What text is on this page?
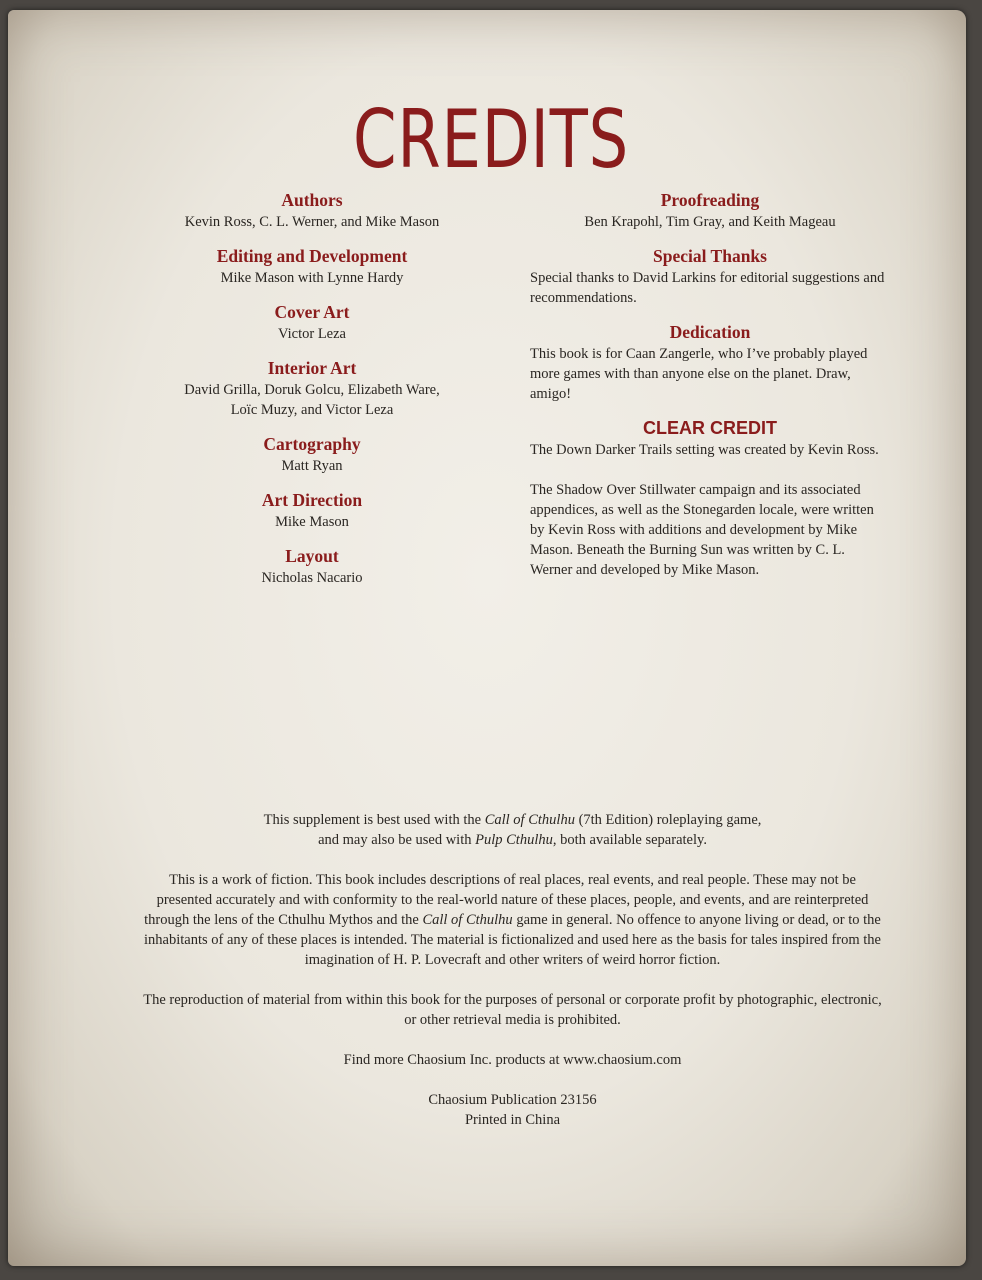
CREDITS
Authors
Kevin Ross, C. L. Werner, and Mike Mason
Editing and Development
Mike Mason with Lynne Hardy
Cover Art
Victor Leza
Interior Art
David Grilla, Doruk Golcu, Elizabeth Ware,
Loïc Muzy, and Victor Leza
Cartography
Matt Ryan
Art Direction
Mike Mason
Layout
Nicholas Nacario
Proofreading
Ben Krapohl, Tim Gray, and Keith Mageau
Special Thanks
Special thanks to David Larkins for editorial suggestions and recommendations.
Dedication
This book is for Caan Zangerle, who I’ve probably played more games with than anyone else on the planet. Draw, amigo!
CLEAR CREDIT
The Down Darker Trails setting was created by Kevin Ross.
The Shadow Over Stillwater campaign and its associated appendices, as well as the Stonegarden locale, were written by Kevin Ross with additions and development by Mike Mason. Beneath the Burning Sun was written by C. L. Werner and developed by Mike Mason.

This supplement is best used with the Call of Cthulhu (7th Edition) roleplaying game,
and may also be used with Pulp Cthulhu, both available separately.

This is a work of fiction. This book includes descriptions of real places, real events, and real people. These may not be presented accurately and with conformity to the real-world nature of these places, people, and events, and are reinterpreted through the lens of the Cthulhu Mythos and the Call of Cthulhu game in general. No offence to anyone living or dead, or to the inhabitants of any of these places is intended. The material is fictionalized and used here as the basis for tales inspired from the imagination of H. P. Lovecraft and other writers of weird horror fiction.

The reproduction of material from within this book for the purposes of personal or corporate profit by photographic, electronic, or other retrieval media is prohibited.

Find more Chaosium Inc. products at www.chaosium.com

Chaosium Publication 23156
Printed in China
